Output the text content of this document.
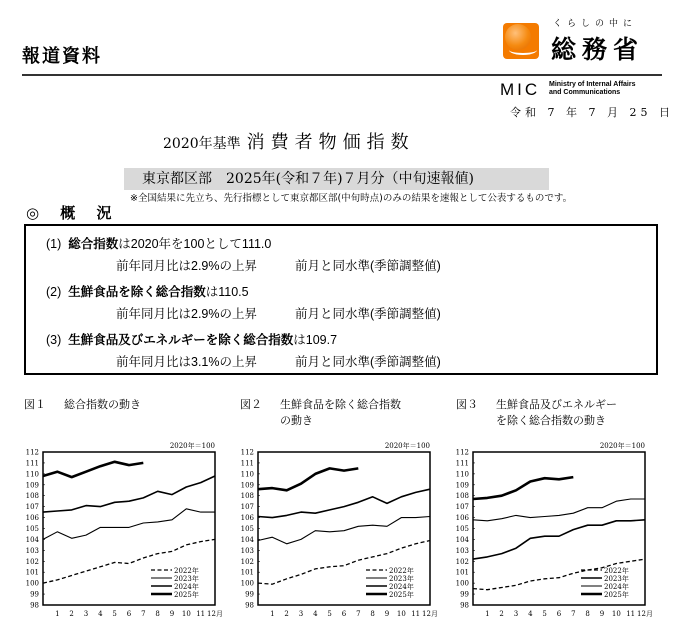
報道資料
くらしの中に
総務省
MIC Ministry of Internal Affairs
and Communications
令和 7 年 7 月 25 日
2020年基準 消費者物価指数
東京都区部　2025年(令和７年)７月分（中旬速報値)
※全国結果に先立ち、先行指標として東京都区部(中旬時点)のみの結果を速報として公表するものです。
◎ 概 況
(1) 総合指数は2020年を100として111.0
前年同月比は2.9%の上昇	前月と同水準(季節調整値)
(2) 生鮮食品を除く総合指数は110.5
前年同月比は2.9%の上昇	前月と同水準(季節調整値)
(3) 生鮮食品及びエネルギーを除く総合指数は109.7
前年同月比は3.1%の上昇	前月と同水準(季節調整値)
図１ 総合指数の動き	図２ 生鮮食品を除く総合指数
の動き
図３ 生鮮食品及びエネルギー
を除く総合指数の動き
2020年＝100
98
99
100
101
102
103
104
105
106
107
108
109
110
111
112
1 2 3 4 5 6 7 8 9 10 11 12月
2022年
2023年
2024年
2025年
2020年＝100
98
99
100
101
102
103
104
105
106
107
108
109
110
111
112
1 2 3 4 5 6 7 8 9 10 11 12月
2022年
2023年
2024年
2025年
2020年＝100
98
99
100
101
102
103
104
105
106
107
108
109
110
111
112
1 2 3 4 5 6 7 8 9 10 11 12月
2022年
2023年
2024年
2025年
